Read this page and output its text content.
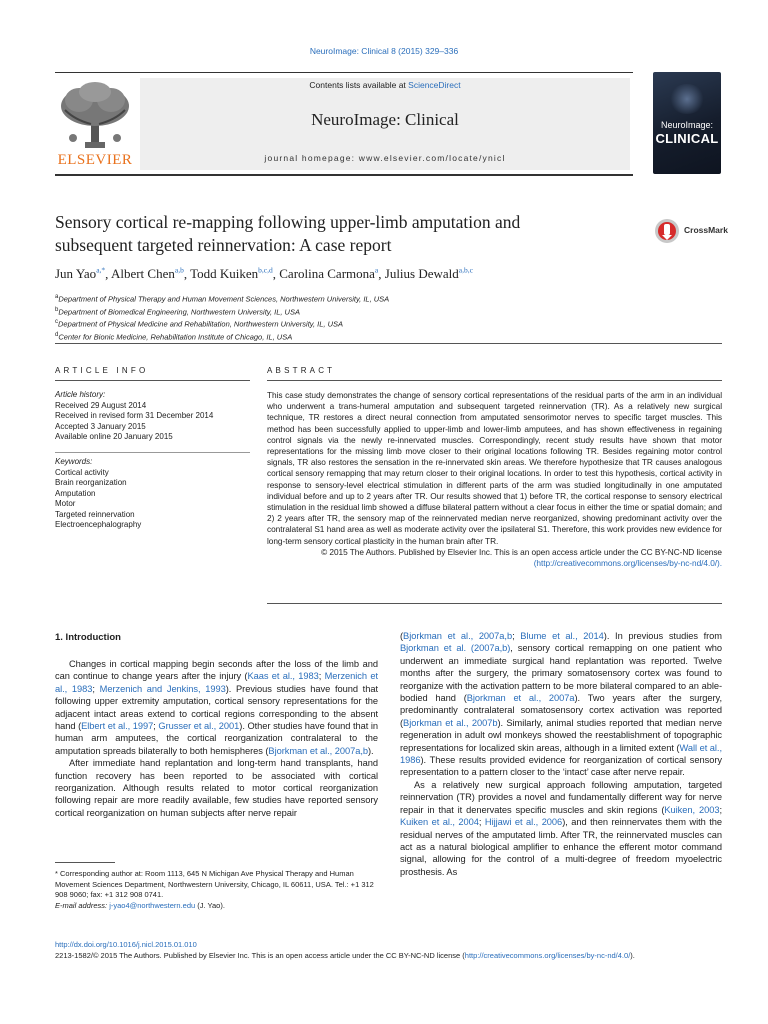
NeuroImage: Clinical 8 (2015) 329–336
ELSEVIER
Contents lists available at ScienceDirect
NeuroImage: Clinical
journal homepage: www.elsevier.com/locate/ynicl
NeuroImage:
CLINICAL
Sensory cortical re-mapping following upper-limb amputation and
subsequent targeted reinnervation: A case report
CrossMark
Jun Yao$^{a,*}$, Albert Chen$^{a,b}$, Todd Kuiken$^{b,c,d}$, Carolina Carmona$^a$, Julius Dewald$^{a,b,c}$
$^a$Department of Physical Therapy and Human Movement Sciences, Northwestern University, IL, USA
$^b$Department of Biomedical Engineering, Northwestern University, IL, USA
$^c$Department of Physical Medicine and Rehabilitation, Northwestern University, IL, USA
$^d$Center for Bionic Medicine, Rehabilitation Institute of Chicago, IL, USA
ARTICLE INFO
Article history:
Received 29 August 2014
Received in revised form 31 December 2014
Accepted 3 January 2015
Available online 20 January 2015
Keywords:
Cortical activity
Brain reorganization
Amputation
Motor
Targeted reinnervation
Electroencephalography
ABSTRACT
This case study demonstrates the change of sensory cortical representations of the residual parts of the arm in an individual who underwent a trans-humeral amputation and subsequent targeted reinnervation (TR). As a relatively new surgical technique, TR restores a direct neural connection from amputated sensorimotor nerves to specific target muscles. This method has been successfully applied to upper-limb and lower-limb amputees, and has shown effectiveness in regaining control signals via the newly re-innervated muscles. Correspondingly, recent study results have shown that motor representations for the missing limb move closer to their original locations following TR. Besides regaining motor control signals, TR also restores the sensation in the re-innervated skin areas. We therefore hypothesize that TR causes analogous cortical sensory remapping that may return closer to their original locations. In order to test this hypothesis, cortical activity in response to sensory-level electrical stimulation in different parts of the arm was studied longitudinally in one amputated individual before and up to 2 years after TR. Our results showed that 1) before TR, the cortical response to sensory electrical stimulation in the residual limb showed a diffuse bilateral pattern without a clear focus in either the time or spatial domain; and 2) 2 years after TR, the sensory map of the reinnervated median nerve reorganized, showing predominant activity over the contralateral S1 hand area as well as moderate activity over the ipsilateral S1. Therefore, this work provides new evidence for long-term sensory cortical plasticity in the human brain after TR.
© 2015 The Authors. Published by Elsevier Inc. This is an open access article under the CC BY-NC-ND license
(http://creativecommons.org/licenses/by-nc-nd/4.0/).
1. Introduction

Changes in cortical mapping begin seconds after the loss of the limb and can continue to change years after the injury (Kaas et al., 1983; Merzenich et al., 1983; Merzenich and Jenkins, 1993). Previous studies have found that following upper extremity amputation, cortical sensory representations for the adjacent intact areas extend to cortical regions corresponding to the absent hand (Elbert et al., 1997; Grusser et al., 2001). Other studies have found that in human arm amputees, the cortical reorganization contralateral to the amputation spreads bilaterally to both hemispheres (Bjorkman et al., 2007a,b).

After immediate hand replantation and long-term hand transplants, hand function recovery has been reported to be associated with cortical reorganization. Although results related to motor cortical reorganization following repair are more readily available, few studies have reported sensory cortical reorganization on human subjects after nerve repair

(Bjorkman et al., 2007a,b; Blume et al., 2014). In previous studies from Bjorkman et al. (2007a,b), sensory cortical remapping on one patient who underwent an immediate surgical hand replantation was reported. Twelve months after the surgery, the primary somatosensory cortex was found to reorganize with the activation pattern to be more bilateral compared to an able-bodied hand (Bjorkman et al., 2007a). Two years after the surgery, predominantly contralateral somatosensory cortex activation was reported (Bjorkman et al., 2007b). Similarly, animal studies reported that median nerve regeneration in adult owl monkeys showed the reestablishment of topographic representations for localized skin areas, although in a limited extent (Wall et al., 1986). These results provided evidence for reorganization of cortical sensory representation to a pattern closer to the ‘intact’ case after nerve repair.

As a relatively new surgical approach following amputation, targeted reinnervation (TR) provides a novel and fundamentally different way for nerve repair in that it denervates specific muscles and skin regions (Kuiken, 2003; Kuiken et al., 2004; Hijjawi et al., 2006), and then reinnervates them with the residual nerves of the amputated limb. After TR, the reinnervated muscles can act as a natural biological amplifier to enhance the efferent motor command signal, allowing for the control of a multi-degree of freedom myoelectric prosthesis. As

* Corresponding author at: Room 1113, 645 N Michigan Ave Physical Therapy and Human Movement Sciences Department, Northwestern University, Chicago, IL 60611, USA. Tel.: +1 312 908 9060; fax: +1 312 908 0741.
E-mail address: j-yao4@northwestern.edu (J. Yao).
http://dx.doi.org/10.1016/j.nicl.2015.01.010
2213-1582/© 2015 The Authors. Published by Elsevier Inc. This is an open access article under the CC BY-NC-ND license (http://creativecommons.org/licenses/by-nc-nd/4.0/).
